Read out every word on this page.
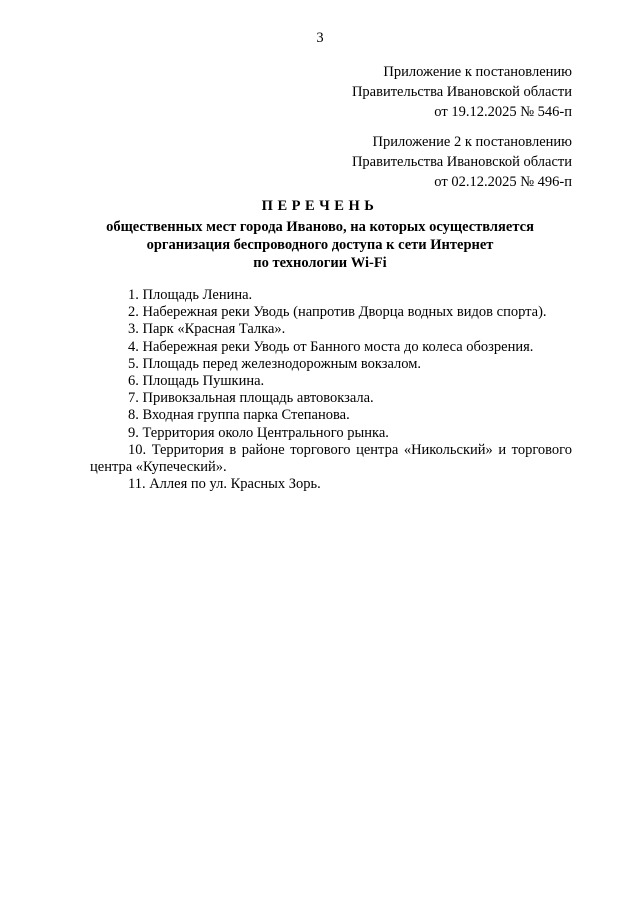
3
Приложение к постановлению
Правительства Ивановской области
от 19.12.2025 № 546-п
Приложение 2 к постановлению
Правительства Ивановской области
от 02.12.2025 № 496-п
ПЕРЕЧЕНЬ
общественных мест города Иваново, на которых осуществляется
организация беспроводного доступа к сети Интернет
по технологии Wi-Fi
1. Площадь Ленина.
2. Набережная реки Уводь (напротив Дворца водных видов спорта).
3. Парк «Красная Талка».
4. Набережная реки Уводь от Банного моста до колеса обозрения.
5. Площадь перед железнодорожным вокзалом.
6. Площадь Пушкина.
7. Привокзальная площадь автовокзала.
8. Входная группа парка Степанова.
9. Территория около Центрального рынка.
10. Территория в районе торгового центра «Никольский» и торгового центра «Купеческий».
11. Аллея по ул. Красных Зорь.
